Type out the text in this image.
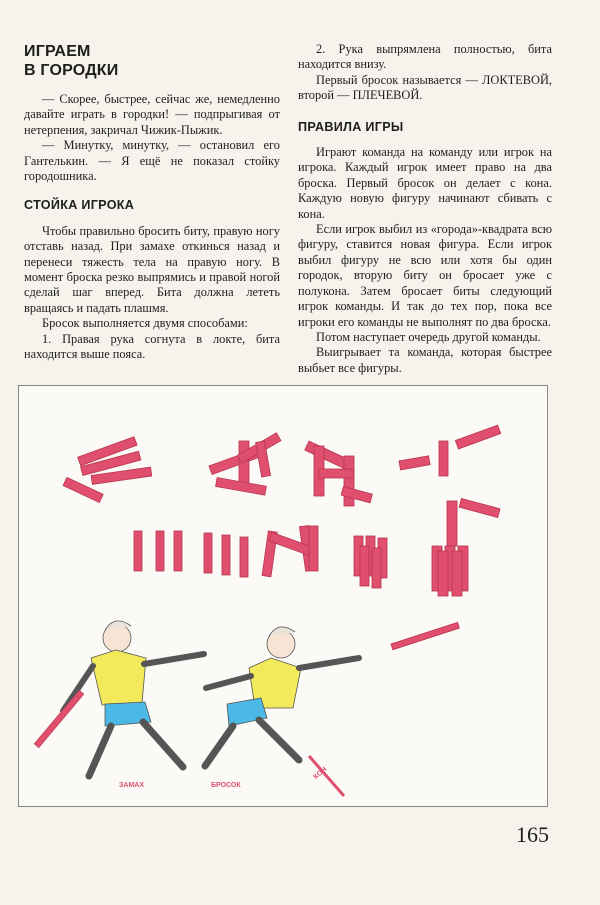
ИГРАЕМ
В ГОРОДКИ

— Скорее, быстрее, сейчас же, немедленно давайте играть в городки! — подпрыгивая от нетерпения, закричал Чижик-Пыжик.

— Минутку, минутку, — остановил его Гантелькин. — Я ещё не показал стойку городошника.

СТОЙКА ИГРОКА

Чтобы правильно бросить биту, правую ногу отставь назад. При замахе откинься назад и перенеси тяжесть тела на правую ногу. В момент броска резко выпрямись и правой ногой сделай шаг вперед. Бита должна лететь вращаясь и падать плашмя.

Бросок выполняется двумя способами:

1. Правая рука согнута в локте, бита находится выше пояса.

2. Рука выпрямлена полностью, бита находится внизу.

Первый бросок называется — ЛОКТЕВОЙ, второй — ПЛЕЧЕВОЙ.

ПРАВИЛА ИГРЫ

Играют команда на команду или игрок на игрока. Каждый игрок имеет право на два броска. Первый бросок он делает с кона. Каждую новую фигуру начинают сбивать с кона.

Если игрок выбил из «города»-квадрата всю фигуру, ставится новая фигура. Если игрок выбил фигуру не всю или хотя бы один городок, вторую биту он бросает уже с полукона. Затем бросает биты следующий игрок команды. И так до тех пор, пока все игроки его команды не выполнят по два броска.

Потом наступает очередь другой команды.

Выигрывает та команда, которая быстрее выбьет все фигуры.

ЗАМАХ	БРОСОК
КОН
165
